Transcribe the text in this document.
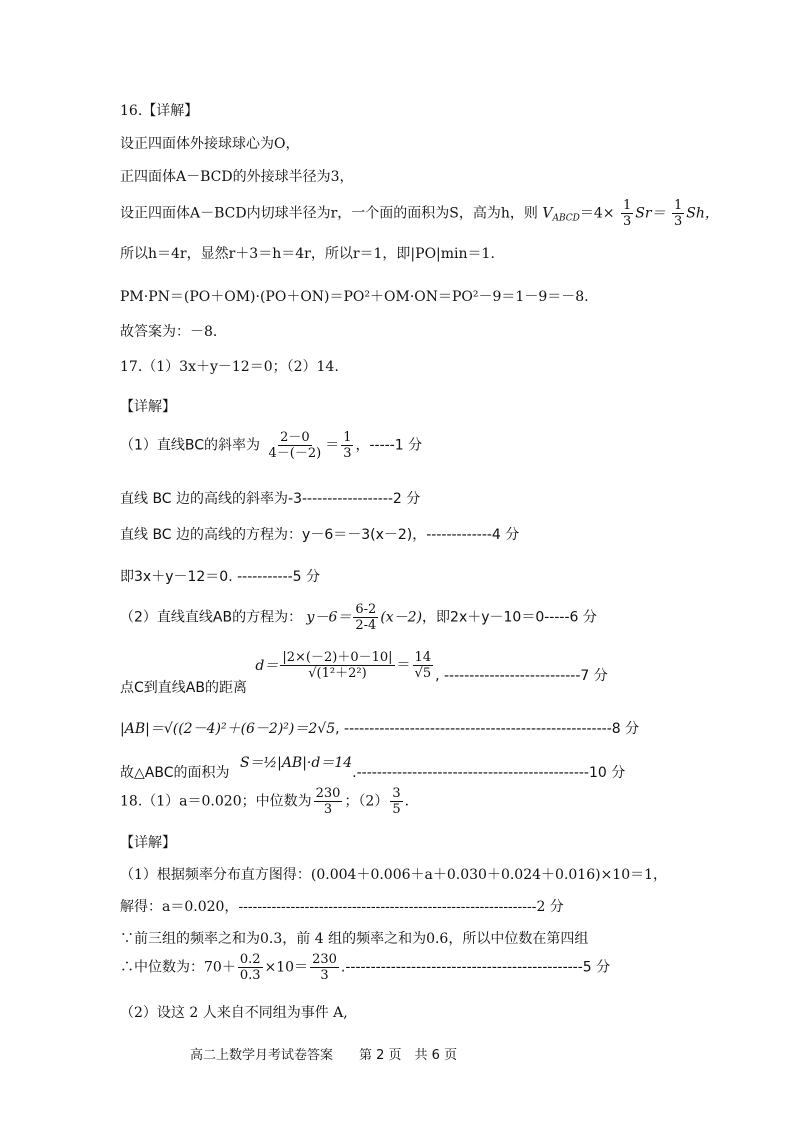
16.【详解】
设正四面体外接球球心为O，
正四面体A－BCD的外接球半径为3，
设正四面体A－BCD内切球半径为r，一个面的面积为S，高为h，则 $V_{ABCD}=4\times \frac{1}{3} Sr= \frac{1}{3}$ Sh，
所以h＝4r，显然r＋3＝h＝4r，所以r＝1，即|PO|min＝1.
PM·PN＝(PO＋OM)·(PO＋ON)＝PO²＋OM·ON＝PO²－9＝1－9＝－8.
故答案为：－8.
17.（1）3x＋y－12＝0；（2）14.
【详解】
（1）直线BC的斜率为 $\frac{2-0}{4-(-2)} = \frac{1}{3}$ ，-----1 分
直线 BC 边的高线的斜率为-3------------------2 分
直线 BC 边的高线的方程为：y－6＝－3(x－2)，-------------4 分
即3x＋y－12＝0. -----------5 分
（2）直线直线AB的方程为： $y-6= \frac{6-2}{2-4} (x-2)$，即2x＋y－10＝0-----6 分
点C到直线AB的距离 $d= \frac{|2\times(-2)+0-10|}{\text{√(1²＋2²)}} = \frac{14}{√5}$ , ---------------------------7 分
|AB|＝√((2－4)²＋(6－2)²)＝2√5, -----------------------------------------------------8 分
故△ABC的面积为 S＝½|AB|·d＝14.----------------------------------------------10 分
18.（1）a＝0.020；中位数为 $\frac{230}{3}$ ；$(2) \frac{3}{5}$ .
【详解】
（1）根据频率分布直方图得：(0.004＋0.006＋a＋0.030＋0.024＋0.016)×10＝1，
解得：a＝0.020，---------------------------------------------------------------2 分
∵前三组的频率之和为0.3，前 4 组的频率之和为0.6，所以中位数在第四组
∴中位数为：$70+ \frac{0.2}{0.3} \times 10= \frac{230}{3} .-----------------------------------------------5$ 分
（2）设这 2 人来自不同组为事件 A,
高二上数学月考试卷答案　　第 2 页　共 6 页
